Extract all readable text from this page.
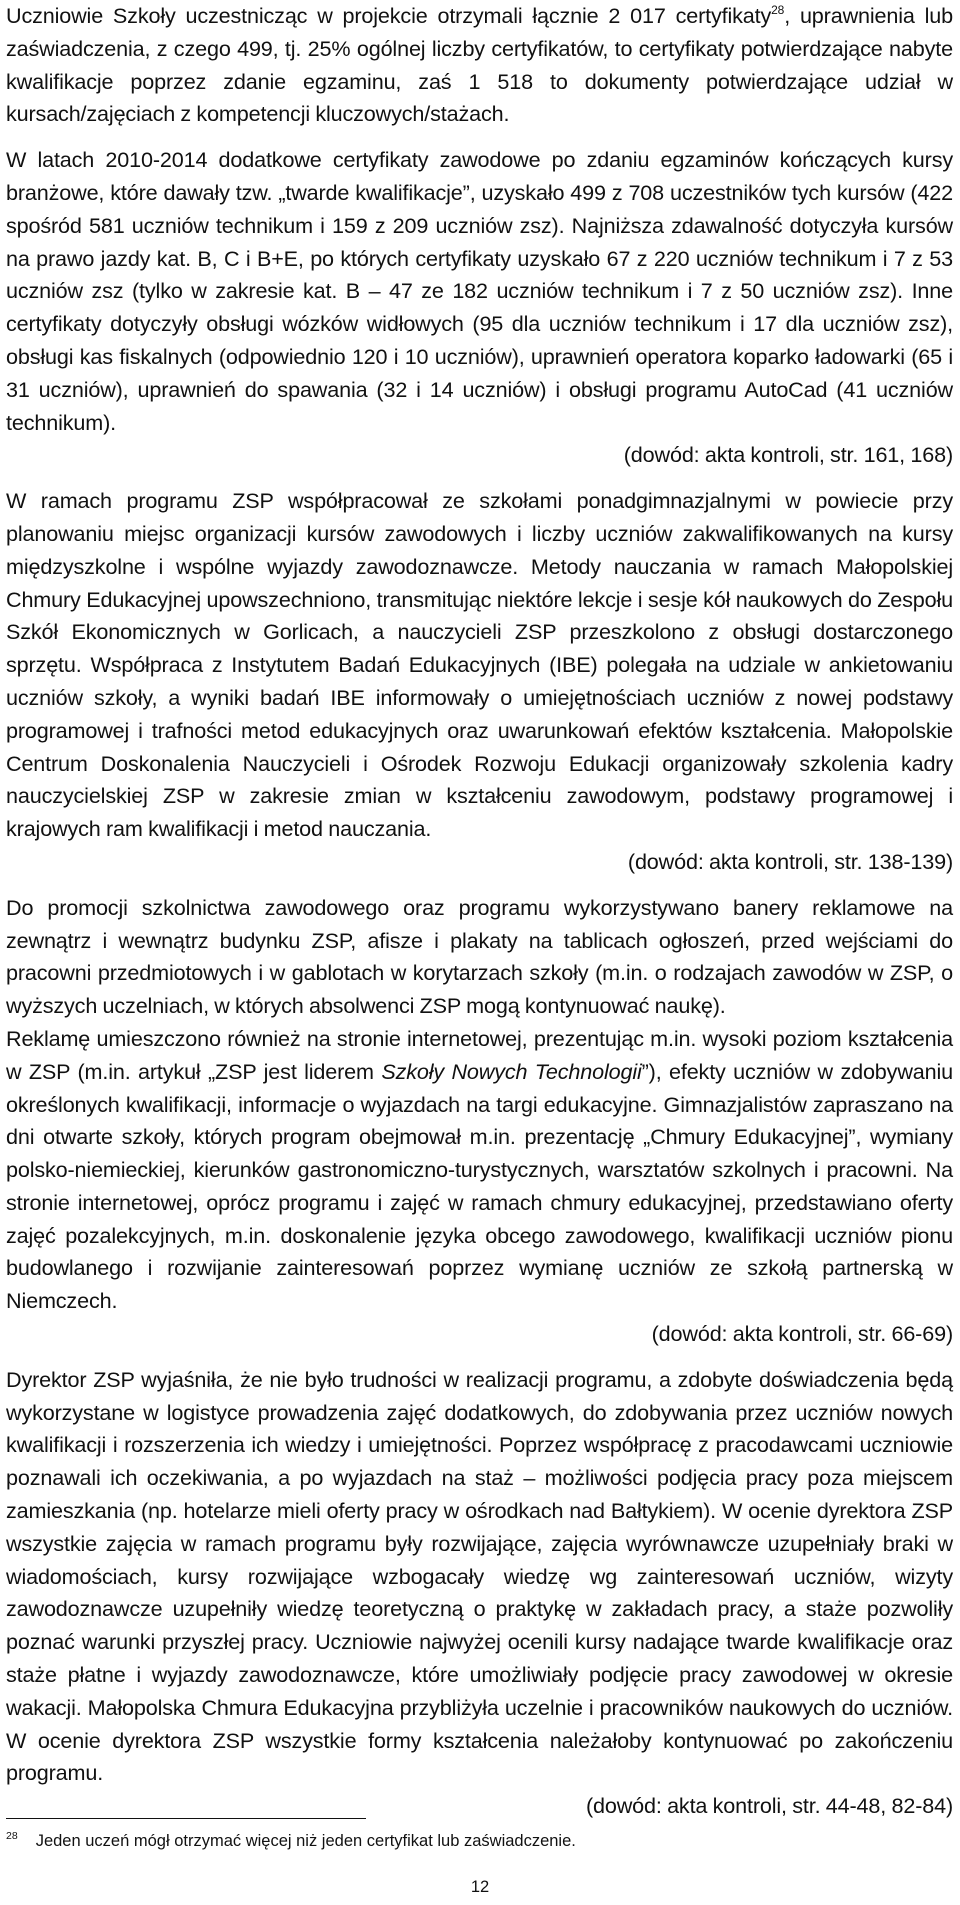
Uczniowie Szkoły uczestnicząc w projekcie otrzymali łącznie 2 017 certyfikaty$^{28}$, uprawnienia lub zaświadczenia, z czego 499, tj. 25% ogólnej liczby certyfikatów, to certyfikaty potwierdzające nabyte kwalifikacje poprzez zdanie egzaminu, zaś 1 518 to dokumenty potwierdzające udział w kursach/zajęciach z kompetencji kluczowych/stażach.

W latach 2010-2014 dodatkowe certyfikaty zawodowe po zdaniu egzaminów kończących kursy branżowe, które dawały tzw. „twarde kwalifikacje”, uzyskało 499 z 708 uczestników tych kursów (422 spośród 581 uczniów technikum i 159 z 209 uczniów zsz). Najniższa zdawalność dotyczyła kursów na prawo jazdy kat. B, C i B+E, po których certyfikaty uzyskało 67 z 220 uczniów technikum i 7 z 53 uczniów zsz (tylko w zakresie kat. B – 47 ze 182 uczniów technikum i 7 z 50 uczniów zsz). Inne certyfikaty dotyczyły obsługi wózków widłowych (95 dla uczniów technikum i 17 dla uczniów zsz), obsługi kas fiskalnych (odpowiednio 120 i 10 uczniów), uprawnień operatora koparko ładowarki (65 i 31 uczniów), uprawnień do spawania (32 i 14 uczniów) i obsługi programu AutoCad (41 uczniów technikum).
(dowód: akta kontroli, str. 161, 168)

W ramach programu ZSP współpracował ze szkołami ponadgimnazjalnymi w powiecie przy planowaniu miejsc organizacji kursów zawodowych i liczby uczniów zakwalifikowanych na kursy międzyszkolne i wspólne wyjazdy zawodoznawcze. Metody nauczania w ramach Małopolskiej Chmury Edukacyjnej upowszechniono, transmitując niektóre lekcje i sesje kół naukowych do Zespołu Szkół Ekonomicznych w Gorlicach, a nauczycieli ZSP przeszkolono z obsługi dostarczonego sprzętu. Współpraca z Instytutem Badań Edukacyjnych (IBE) polegała na udziale w ankietowaniu uczniów szkoły, a wyniki badań IBE informowały o umiejętnościach uczniów z nowej podstawy programowej i trafności metod edukacyjnych oraz uwarunkowań efektów kształcenia. Małopolskie Centrum Doskonalenia Nauczycieli i Ośrodek Rozwoju Edukacji organizowały szkolenia kadry nauczycielskiej ZSP w zakresie zmian w kształceniu zawodowym, podstawy programowej i krajowych ram kwalifikacji i metod nauczania.
(dowód: akta kontroli, str. 138-139)

Do promocji szkolnictwa zawodowego oraz programu wykorzystywano banery reklamowe na zewnątrz i wewnątrz budynku ZSP, afisze i plakaty na tablicach ogłoszeń, przed wejściami do pracowni przedmiotowych i w gablotach w korytarzach szkoły (m.in. o rodzajach zawodów w ZSP, o wyższych uczelniach, w których absolwenci ZSP mogą kontynuować naukę).
Reklamę umieszczono również na stronie internetowej, prezentując m.in. wysoki poziom kształcenia w ZSP (m.in. artykuł „ZSP jest liderem Szkoły Nowych Technologii”), efekty uczniów w zdobywaniu określonych kwalifikacji, informacje o wyjazdach na targi edukacyjne. Gimnazjalistów zapraszano na dni otwarte szkoły, których program obejmował m.in. prezentację „Chmury Edukacyjnej”, wymiany polsko-niemieckiej, kierunków gastronomiczno-turystycznych, warsztatów szkolnych i pracowni. Na stronie internetowej, oprócz programu i zajęć w ramach chmury edukacyjnej, przedstawiano oferty zajęć pozalekcyjnych, m.in. doskonalenie języka obcego zawodowego, kwalifikacji uczniów pionu budowlanego i rozwijanie zainteresowań poprzez wymianę uczniów ze szkołą partnerską w Niemczech.
(dowód: akta kontroli, str. 66-69)

Dyrektor ZSP wyjaśniła, że nie było trudności w realizacji programu, a zdobyte doświadczenia będą wykorzystane w logistyce prowadzenia zajęć dodatkowych, do zdobywania przez uczniów nowych kwalifikacji i rozszerzenia ich wiedzy i umiejętności. Poprzez współpracę z pracodawcami uczniowie poznawali ich oczekiwania, a po wyjazdach na staż – możliwości podjęcia pracy poza miejscem zamieszkania (np. hotelarze mieli oferty pracy w ośrodkach nad Bałtykiem). W ocenie dyrektora ZSP wszystkie zajęcia w ramach programu były rozwijające, zajęcia wyrównawcze uzupełniały braki w wiadomościach, kursy rozwijające wzbogacały wiedzę wg zainteresowań uczniów, wizyty zawodoznawcze uzupełniły wiedzę teoretyczną o praktykę w zakładach pracy, a staże pozwoliły poznać warunki przyszłej pracy. Uczniowie najwyżej ocenili kursy nadające twarde kwalifikacje oraz staże płatne i wyjazdy zawodoznawcze, które umożliwiały podjęcie pracy zawodowej w okresie wakacji. Małopolska Chmura Edukacyjna przybliżyła uczelnie i pracowników naukowych do uczniów. W ocenie dyrektora ZSP wszystkie formy kształcenia należałoby kontynuować po zakończeniu programu.
(dowód: akta kontroli, str. 44-48, 82-84)

$^{28}$ Jeden uczeń mógł otrzymać więcej niż jeden certyfikat lub zaświadczenie.
12
